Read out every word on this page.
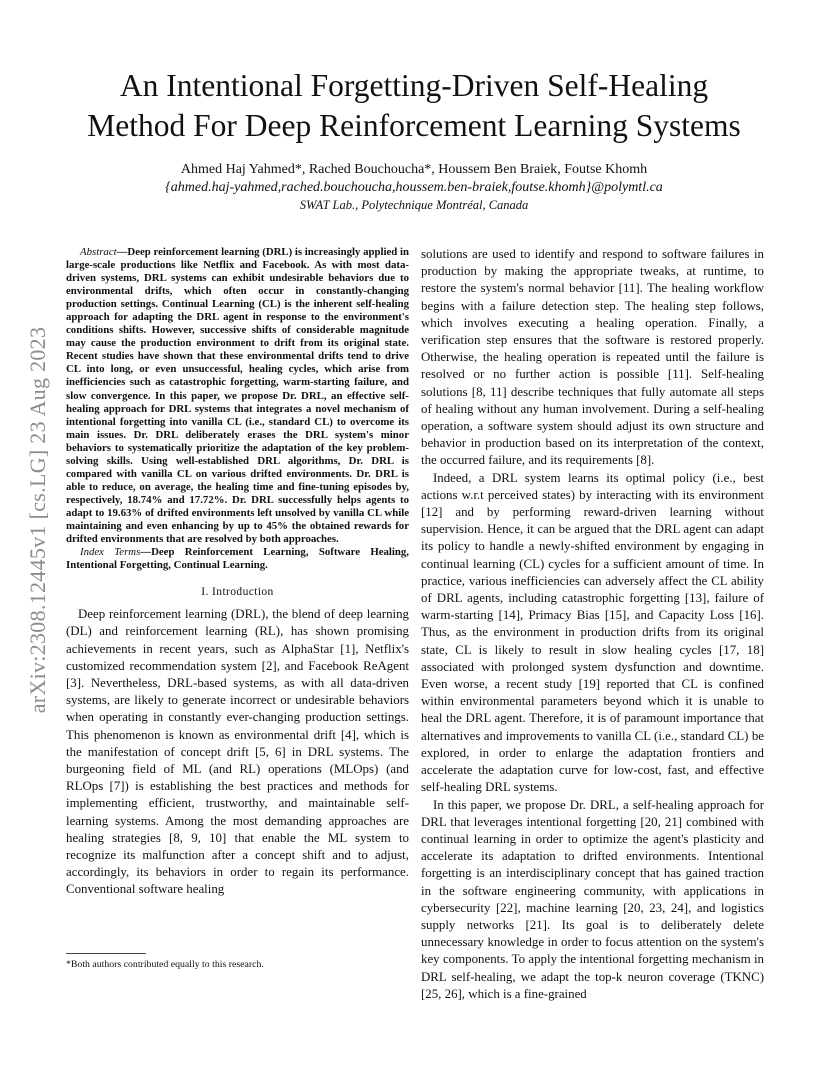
An Intentional Forgetting-Driven Self-Healing
Method For Deep Reinforcement Learning Systems
Ahmed Haj Yahmed*, Rached Bouchoucha*, Houssem Ben Braiek, Foutse Khomh
{ahmed.haj-yahmed,rached.bouchoucha,houssem.ben-braiek,foutse.khomh}@polymtl.ca
SWAT Lab., Polytechnique Montréal, Canada
arXiv:2308.12445v1 [cs.LG] 23 Aug 2023

Abstract—Deep reinforcement learning (DRL) is increasingly applied in large-scale productions like Netflix and Facebook. As with most data-driven systems, DRL systems can exhibit undesirable behaviors due to environmental drifts, which often occur in constantly-changing production settings. Continual Learning (CL) is the inherent self-healing approach for adapting the DRL agent in response to the environment's conditions shifts. However, successive shifts of considerable magnitude may cause the production environment to drift from its original state. Recent studies have shown that these environmental drifts tend to drive CL into long, or even unsuccessful, healing cycles, which arise from inefficiencies such as catastrophic forgetting, warm-starting failure, and slow convergence. In this paper, we propose Dr. DRL, an effective self-healing approach for DRL systems that integrates a novel mechanism of intentional forgetting into vanilla CL (i.e., standard CL) to overcome its main issues. Dr. DRL deliberately erases the DRL system's minor behaviors to systematically prioritize the adaptation of the key problem-solving skills. Using well-established DRL algorithms, Dr. DRL is compared with vanilla CL on various drifted environments. Dr. DRL is able to reduce, on average, the healing time and fine-tuning episodes by, respectively, 18.74% and 17.72%. Dr. DRL successfully helps agents to adapt to 19.63% of drifted environments left unsolved by vanilla CL while maintaining and even enhancing by up to 45% the obtained rewards for drifted environments that are resolved by both approaches.

Index Terms—Deep Reinforcement Learning, Software Healing, Intentional Forgetting, Continual Learning.

I. Introduction

Deep reinforcement learning (DRL), the blend of deep learning (DL) and reinforcement learning (RL), has shown promising achievements in recent years, such as AlphaStar [1], Netflix's customized recommendation system [2], and Facebook ReAgent [3]. Nevertheless, DRL-based systems, as with all data-driven systems, are likely to generate incorrect or undesirable behaviors when operating in constantly ever-changing production settings. This phenomenon is known as environmental drift [4], which is the manifestation of concept drift [5, 6] in DRL systems. The burgeoning field of ML (and RL) operations (MLOps) (and RLOps [7]) is establishing the best practices and methods for implementing efficient, trustworthy, and maintainable self-learning systems. Among the most demanding approaches are healing strategies [8, 9, 10] that enable the ML system to recognize its malfunction after a concept shift and to adjust, accordingly, its behaviors in order to regain its performance. Conventional software healing

*Both authors contributed equally to this research.

solutions are used to identify and respond to software failures in production by making the appropriate tweaks, at runtime, to restore the system's normal behavior [11]. The healing workflow begins with a failure detection step. The healing step follows, which involves executing a healing operation. Finally, a verification step ensures that the software is restored properly. Otherwise, the healing operation is repeated until the failure is resolved or no further action is possible [11]. Self-healing solutions [8, 11] describe techniques that fully automate all steps of healing without any human involvement. During a self-healing operation, a software system should adjust its own structure and behavior in production based on its interpretation of the context, the occurred failure, and its requirements [8].

Indeed, a DRL system learns its optimal policy (i.e., best actions w.r.t perceived states) by interacting with its environment [12] and by performing reward-driven learning without supervision. Hence, it can be argued that the DRL agent can adapt its policy to handle a newly-shifted environment by engaging in continual learning (CL) cycles for a sufficient amount of time. In practice, various inefficiencies can adversely affect the CL ability of DRL agents, including catastrophic forgetting [13], failure of warm-starting [14], Primacy Bias [15], and Capacity Loss [16]. Thus, as the environment in production drifts from its original state, CL is likely to result in slow healing cycles [17, 18] associated with prolonged system dysfunction and downtime. Even worse, a recent study [19] reported that CL is confined within environmental parameters beyond which it is unable to heal the DRL agent. Therefore, it is of paramount importance that alternatives and improvements to vanilla CL (i.e., standard CL) be explored, in order to enlarge the adaptation frontiers and accelerate the adaptation curve for low-cost, fast, and effective self-healing DRL systems.

In this paper, we propose Dr. DRL, a self-healing approach for DRL that leverages intentional forgetting [20, 21] combined with continual learning in order to optimize the agent's plasticity and accelerate its adaptation to drifted environments. Intentional forgetting is an interdisciplinary concept that has gained traction in the software engineering community, with applications in cybersecurity [22], machine learning [20, 23, 24], and logistics supply networks [21]. Its goal is to deliberately delete unnecessary knowledge in order to focus attention on the system's key components. To apply the intentional forgetting mechanism in DRL self-healing, we adapt the top-k neuron coverage (TKNC) [25, 26], which is a fine-grained
